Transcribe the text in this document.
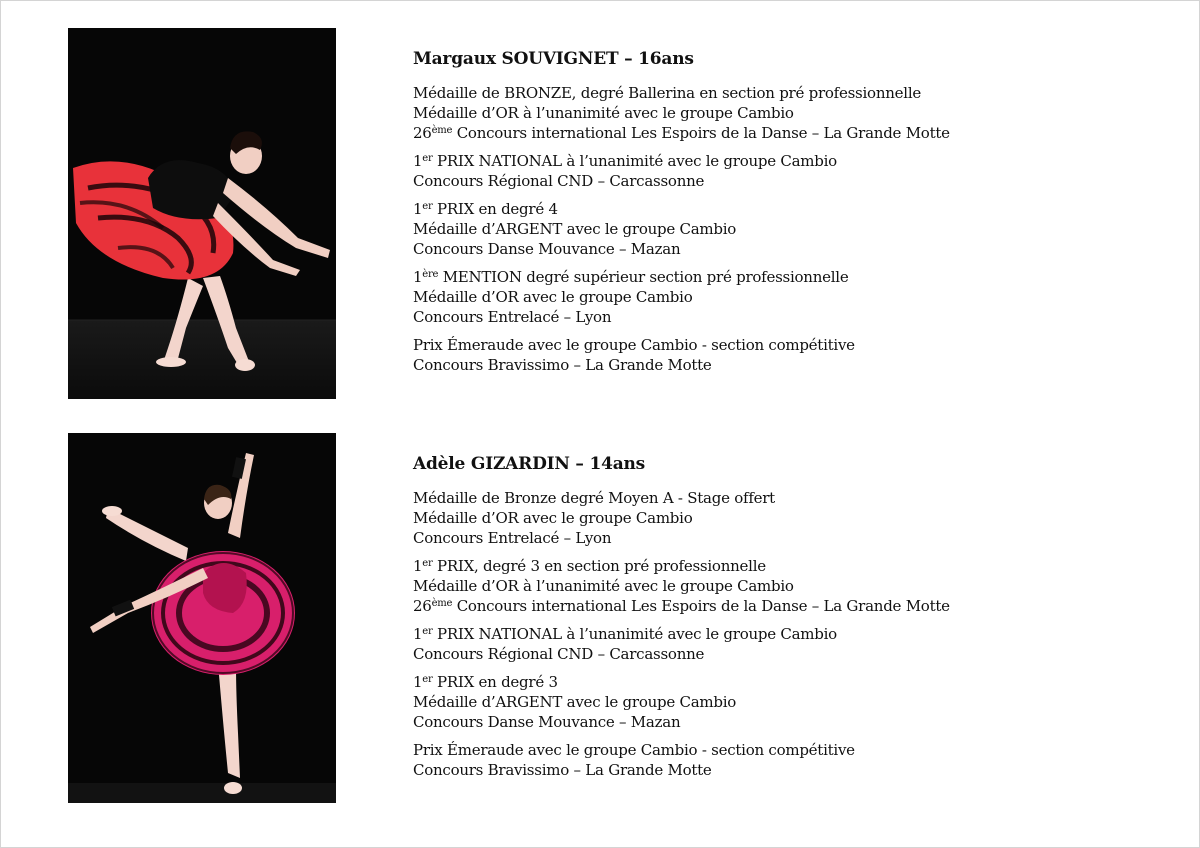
Margaux SOUVIGNET – 16ans
Médaille de BRONZE, degré Ballerina en section pré professionnelle
Médaille d’OR à l’unanimité avec le groupe Cambio
26ème Concours international Les Espoirs de la Danse – La Grande Motte
1er PRIX NATIONAL à l’unanimité avec le groupe Cambio
Concours Régional CND – Carcassonne
1er PRIX en degré 4
Médaille d’ARGENT avec le groupe Cambio
Concours Danse Mouvance – Mazan
1ère MENTION degré supérieur section pré professionnelle
Médaille d’OR avec le groupe Cambio
Concours Entrelacé – Lyon
Prix Émeraude avec le groupe Cambio - section compétitive
Concours Bravissimo – La Grande Motte
Adèle GIZARDIN – 14ans
Médaille de Bronze degré Moyen A - Stage offert
Médaille d’OR avec le groupe Cambio
Concours Entrelacé – Lyon
1er PRIX, degré 3 en section pré professionnelle
Médaille d’OR à l’unanimité avec le groupe Cambio
26ème Concours international Les Espoirs de la Danse – La Grande Motte
1er PRIX NATIONAL à l’unanimité avec le groupe Cambio
Concours Régional CND – Carcassonne
1er PRIX en degré 3
Médaille d’ARGENT avec le groupe Cambio
Concours Danse Mouvance – Mazan
Prix Émeraude avec le groupe Cambio - section compétitive
Concours Bravissimo – La Grande Motte
